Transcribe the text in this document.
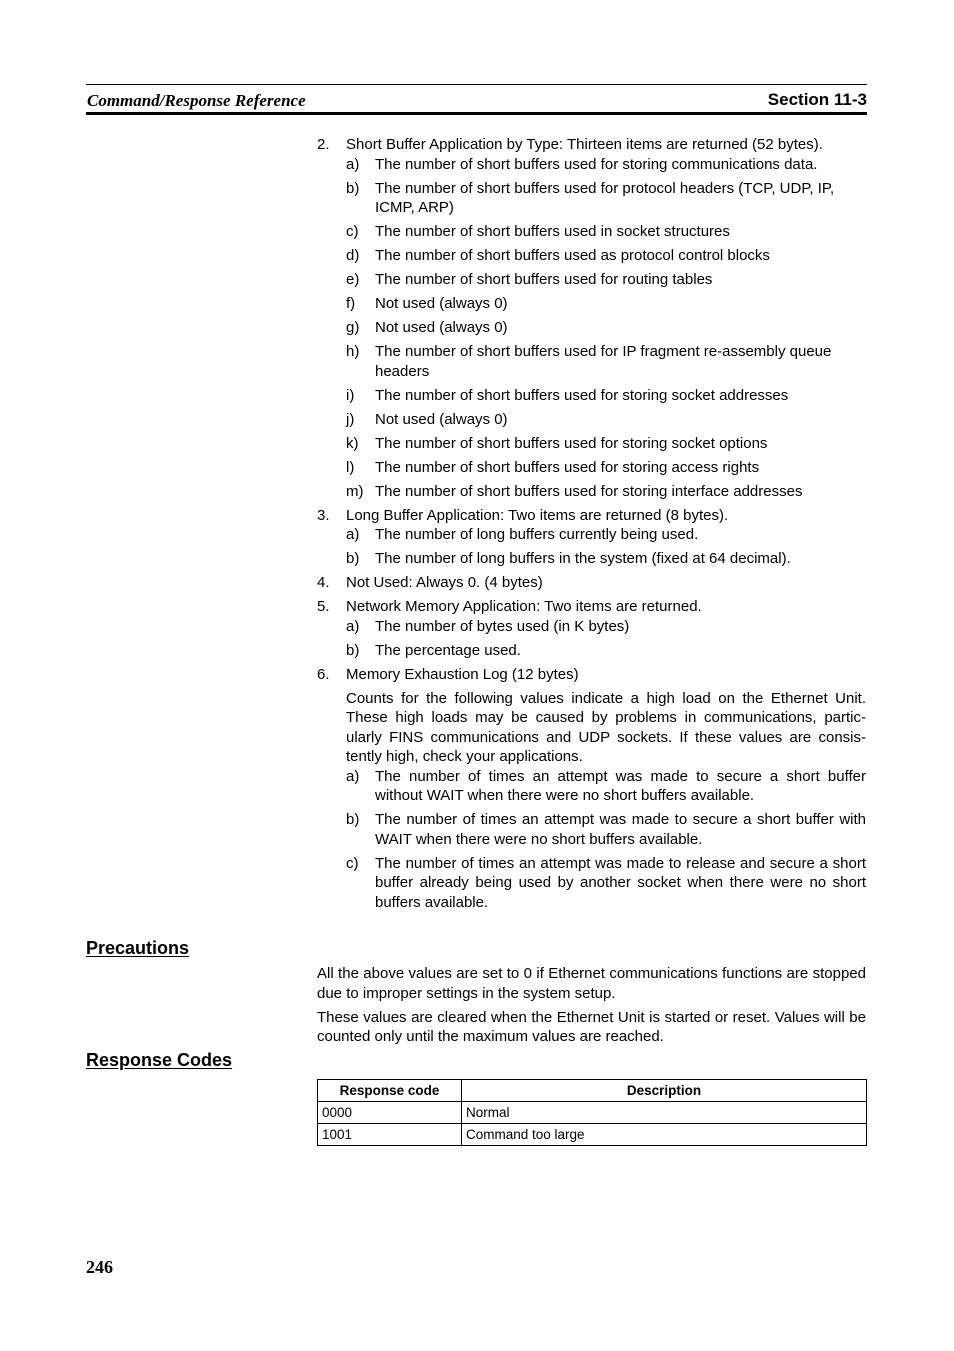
Command/Response Reference	Section 11-3
2.	Short Buffer Application by Type: Thirteen items are returned (52 bytes).
a)	The number of short buffers used for storing communications data.
b)	The number of short buffers used for protocol headers (TCP, UDP, IP, ICMP, ARP)
c)	The number of short buffers used in socket structures
d)	The number of short buffers used as protocol control blocks
e)	The number of short buffers used for routing tables
f)	Not used (always 0)
g)	Not used (always 0)
h)	The number of short buffers used for IP fragment re-assembly queue headers
i)	The number of short buffers used for storing socket addresses
j)	Not used (always 0)
k)	The number of short buffers used for storing socket options
l)	The number of short buffers used for storing access rights
m) The number of short buffers used for storing interface addresses
3.	Long Buffer Application: Two items are returned (8 bytes).
a)	The number of long buffers currently being used.
b)	The number of long buffers in the system (fixed at 64 decimal).
4.	Not Used: Always 0. (4 bytes)
5.	Network Memory Application: Two items are returned.
a)	The number of bytes used (in K bytes)
b)	The percentage used.
6.	Memory Exhaustion Log (12 bytes)
Counts for the following values indicate a high load on the Ethernet Unit. These high loads may be caused by problems in communications, partic-ularly FINS communications and UDP sockets. If these values are consis-tently high, check your applications.
a)	The number of times an attempt was made to secure a short buffer without WAIT when there were no short buffers available.
b)	The number of times an attempt was made to secure a short buffer with WAIT when there were no short buffers available.
c)	The number of times an attempt was made to release and secure a short buffer already being used by another socket when there were no short buffers available.
Precautions

All the above values are set to 0 if Ethernet communications functions are stopped due to improper settings in the system setup.

These values are cleared when the Ethernet Unit is started or reset. Values will be counted only until the maximum values are reached.

Response Codes
Response code	Description
0000	Normal
1001	Command too large
246
